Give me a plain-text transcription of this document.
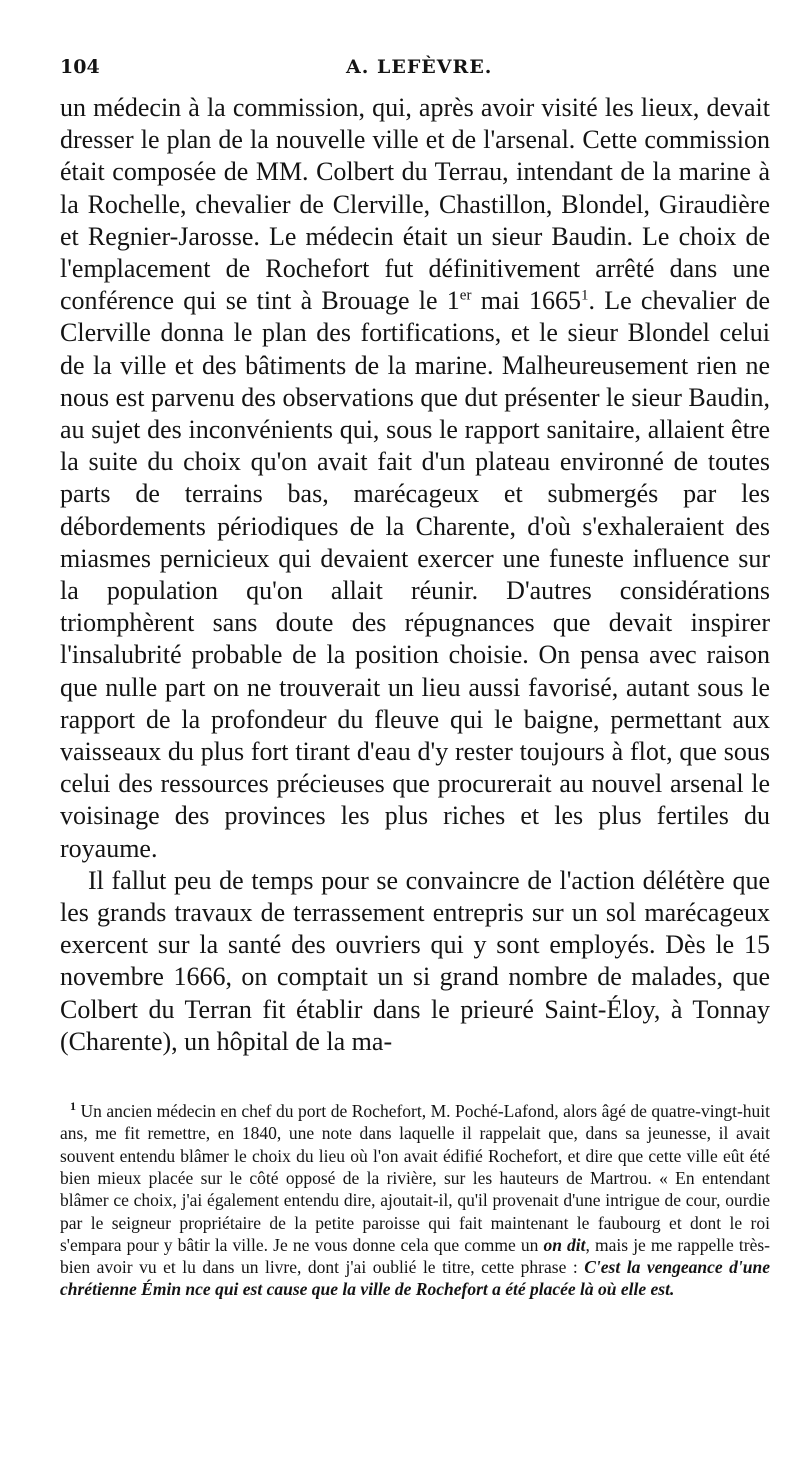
104	A. LEFÈVRE.

un médecin à la commission, qui, après avoir visité les lieux, devait dresser le plan de la nouvelle ville et de l'arsenal. Cette commission était composée de MM. Colbert du Terrau, intendant de la marine à la Rochelle, chevalier de Clerville, Chastillon, Blondel, Giraudière et Regnier-Jarosse. Le médecin était un sieur Baudin. Le choix de l'emplacement de Rochefort fut définitivement arrêté dans une conférence qui se tint à Brouage le 1er mai 1665$^1$. Le chevalier de Clerville donna le plan des fortifications, et le sieur Blondel celui de la ville et des bâtiments de la marine. Malheureusement rien ne nous est parvenu des observations que dut présenter le sieur Baudin, au sujet des inconvénients qui, sous le rapport sanitaire, allaient être la suite du choix qu'on avait fait d'un plateau environné de toutes parts de terrains bas, marécageux et submergés par les débordements périodiques de la Charente, d'où s'exhaleraient des miasmes pernicieux qui devaient exercer une funeste influence sur la population qu'on allait réunir. D'autres considérations triomphèrent sans doute des répugnances que devait inspirer l'insalubrité probable de la position choisie. On pensa avec raison que nulle part on ne trouverait un lieu aussi favorisé, autant sous le rapport de la profondeur du fleuve qui le baigne, permettant aux vaisseaux du plus fort tirant d'eau d'y rester toujours à flot, que sous celui des ressources précieuses que procurerait au nouvel arsenal le voisinage des provinces les plus riches et les plus fertiles du royaume.

Il fallut peu de temps pour se convaincre de l'action délétère que les grands travaux de terrassement entrepris sur un sol marécageux exercent sur la santé des ouvriers qui y sont employés. Dès le 15 novembre 1666, on comptait un si grand nombre de malades, que Colbert du Terran fit établir dans le prieuré Saint-Éloy, à Tonnay (Charente), un hôpital de la ma-

$^1$ Un ancien médecin en chef du port de Rochefort, M. Poché-Lafond, alors âgé de quatre-vingt-huit ans, me fit remettre, en 1840, une note dans laquelle il rappelait que, dans sa jeunesse, il avait souvent entendu blâmer le choix du lieu où l'on avait édifié Rochefort, et dire que cette ville eût été bien mieux placée sur le côté opposé de la rivière, sur les hauteurs de Martrou. « En entendant blâmer ce choix, j'ai également entendu dire, ajoutait-il, qu'il provenait d'une intrigue de cour, ourdie par le seigneur propriétaire de la petite paroisse qui fait maintenant le faubourg et dont le roi s'empara pour y bâtir la ville. Je ne vous donne cela que comme un on dit, mais je me rappelle très-bien avoir vu et lu dans un livre, dont j'ai oublié le titre, cette phrase : C'est la vengeance d'une chrétienne Émin nce qui est cause que la ville de Rochefort a été placée là où elle est.
